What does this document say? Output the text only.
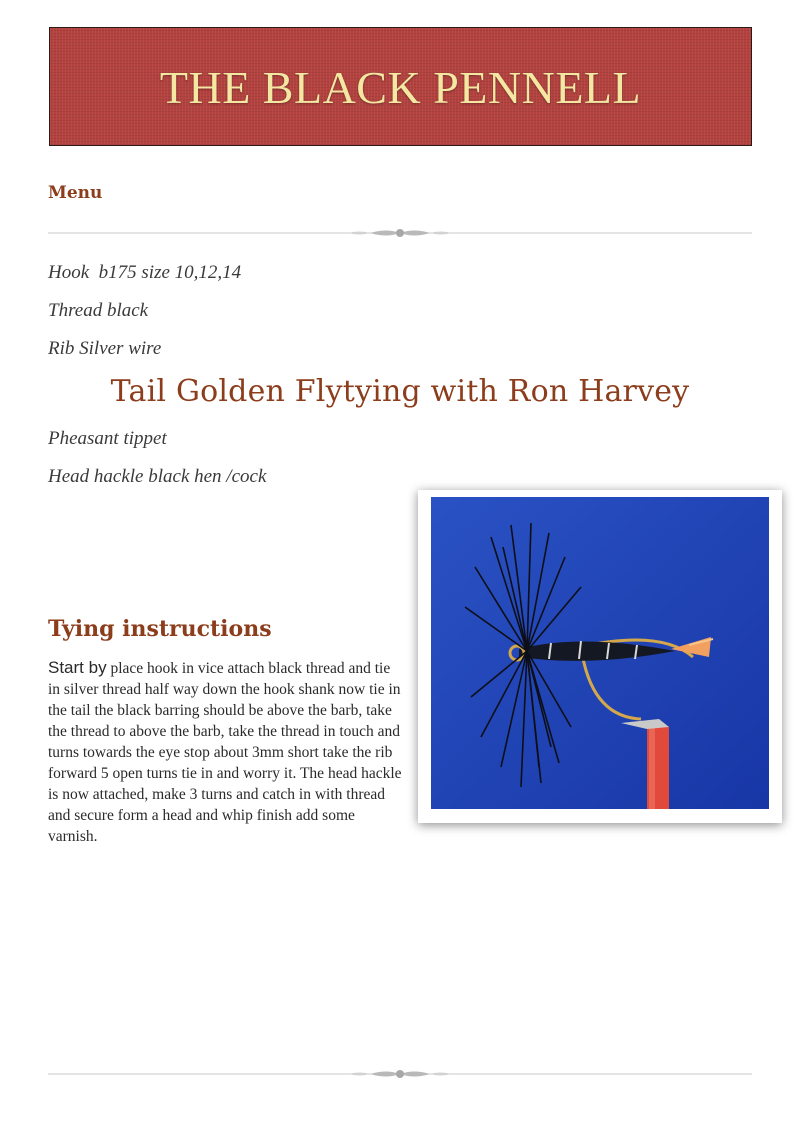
THE BLACK PENNELL
Menu
Hook  b175 size 10,12,14
Thread black
Rib Silver wire
Tail Golden Flytying with Ron Harvey
Pheasant tippet
Head hackle black hen /cock
Tying instructions

Start by place hook in vice attach black thread and tie in silver thread half way down the hook shank now tie in the tail the black barring should be above the barb, take the thread to above the barb, take the thread in touch and turns towards the eye stop about 3mm short take the rib forward 5 open turns tie in and worry it. The head hackle is now attached, make 3 turns and catch in with thread and secure form a head and whip finish add some varnish.
